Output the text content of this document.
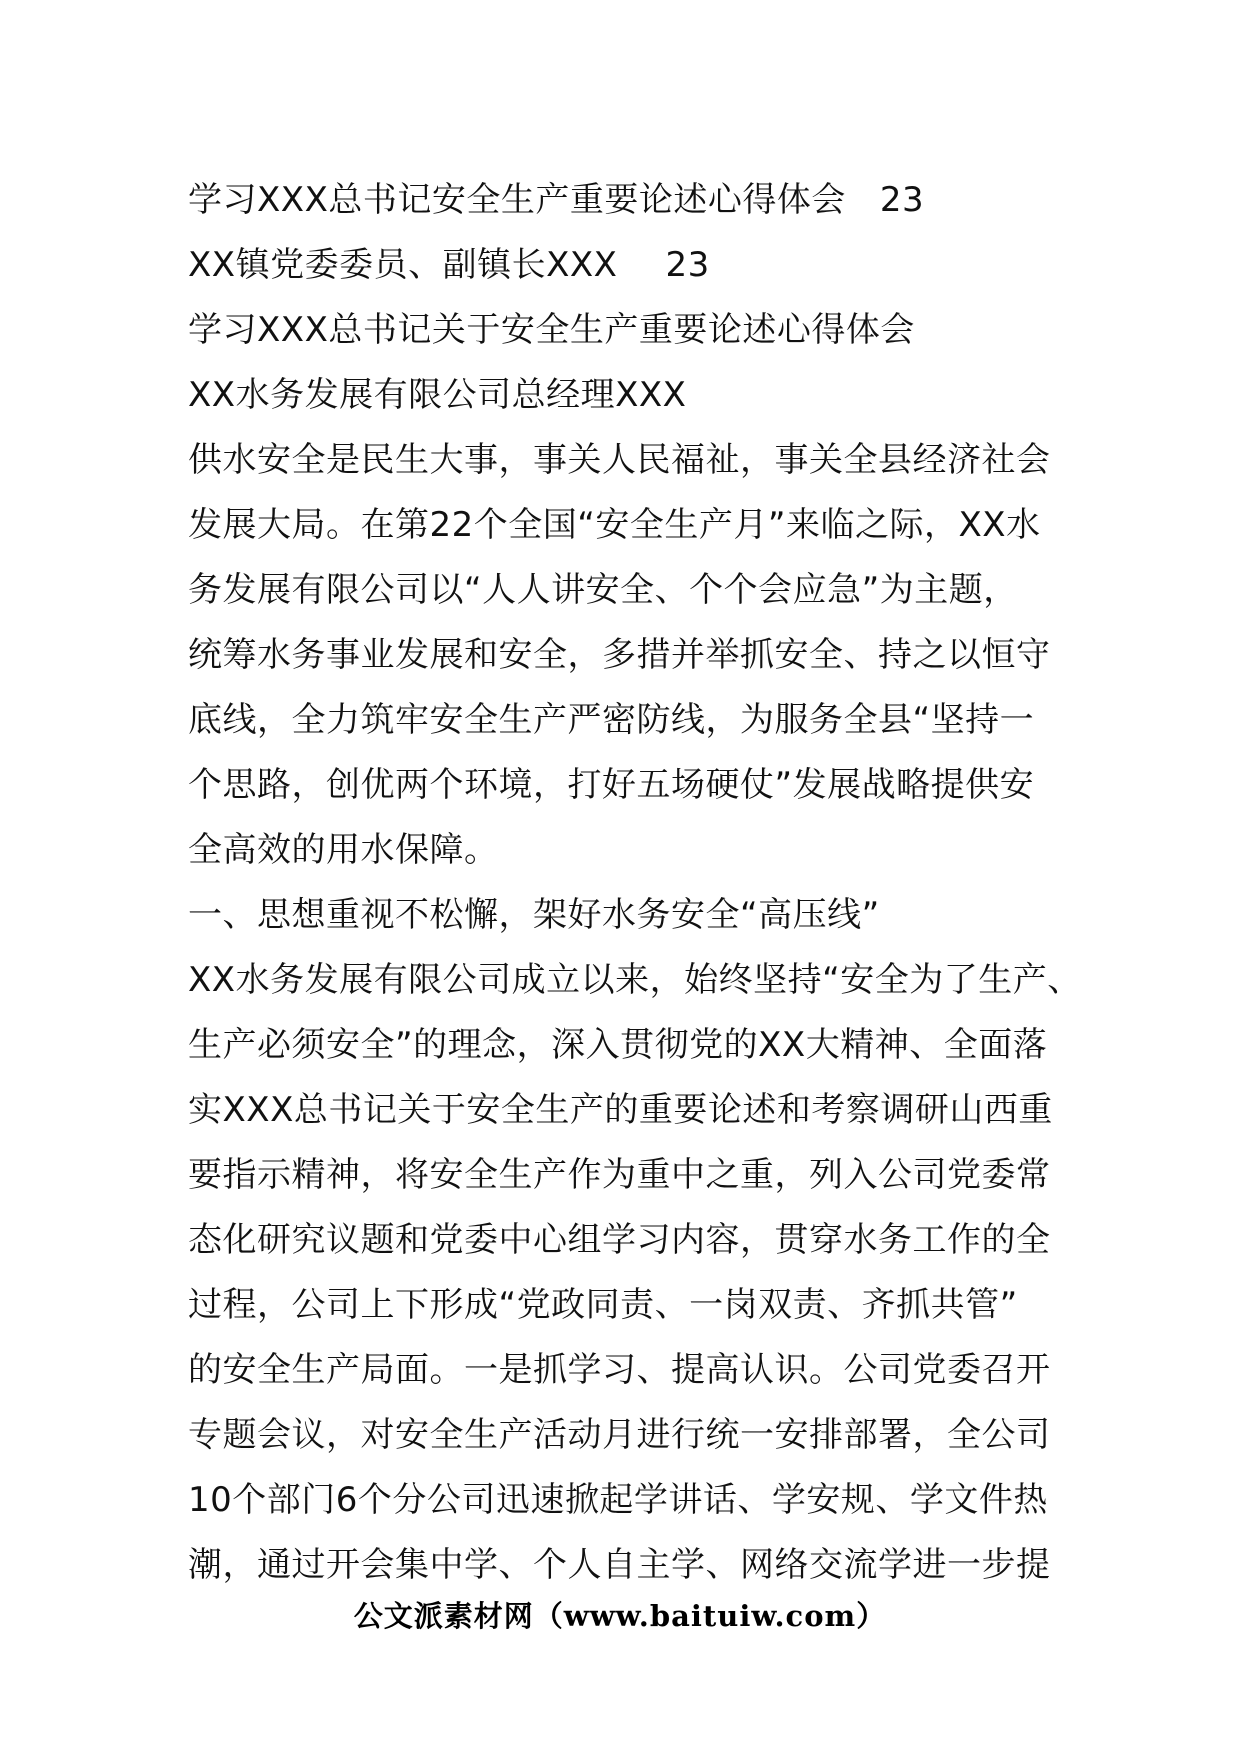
学习XXX总书记安全生产重要论述心得体会 23
XX镇党委委员、副镇长XXX 23
学习XXX总书记关于安全生产重要论述心得体会
XX水务发展有限公司总经理XXX
供水安全是民生大事，事关人民福祉，事关全县经济社会
发展大局。在第22个全国“安全生产月”来临之际，XX水
务发展有限公司以“人人讲安全、个个会应急”为主题，
统筹水务事业发展和安全，多措并举抓安全、持之以恒守
底线，全力筑牢安全生产严密防线，为服务全县“坚持一
个思路，创优两个环境，打好五场硬仗”发展战略提供安
全高效的用水保障。
一、思想重视不松懈，架好水务安全“高压线”
XX水务发展有限公司成立以来，始终坚持“安全为了生产、
生产必须安全”的理念，深入贯彻党的XX大精神、全面落
实XXX总书记关于安全生产的重要论述和考察调研山西重
要指示精神，将安全生产作为重中之重，列入公司党委常
态化研究议题和党委中心组学习内容，贯穿水务工作的全
过程，公司上下形成“党政同责、一岗双责、齐抓共管”
的安全生产局面。一是抓学习、提高认识。公司党委召开
专题会议，对安全生产活动月进行统一安排部署，全公司
10个部门6个分公司迅速掀起学讲话、学安规、学文件热
潮，通过开会集中学、个人自主学、网络交流学进一步提
公文派素材网（www.baituiw.com）
